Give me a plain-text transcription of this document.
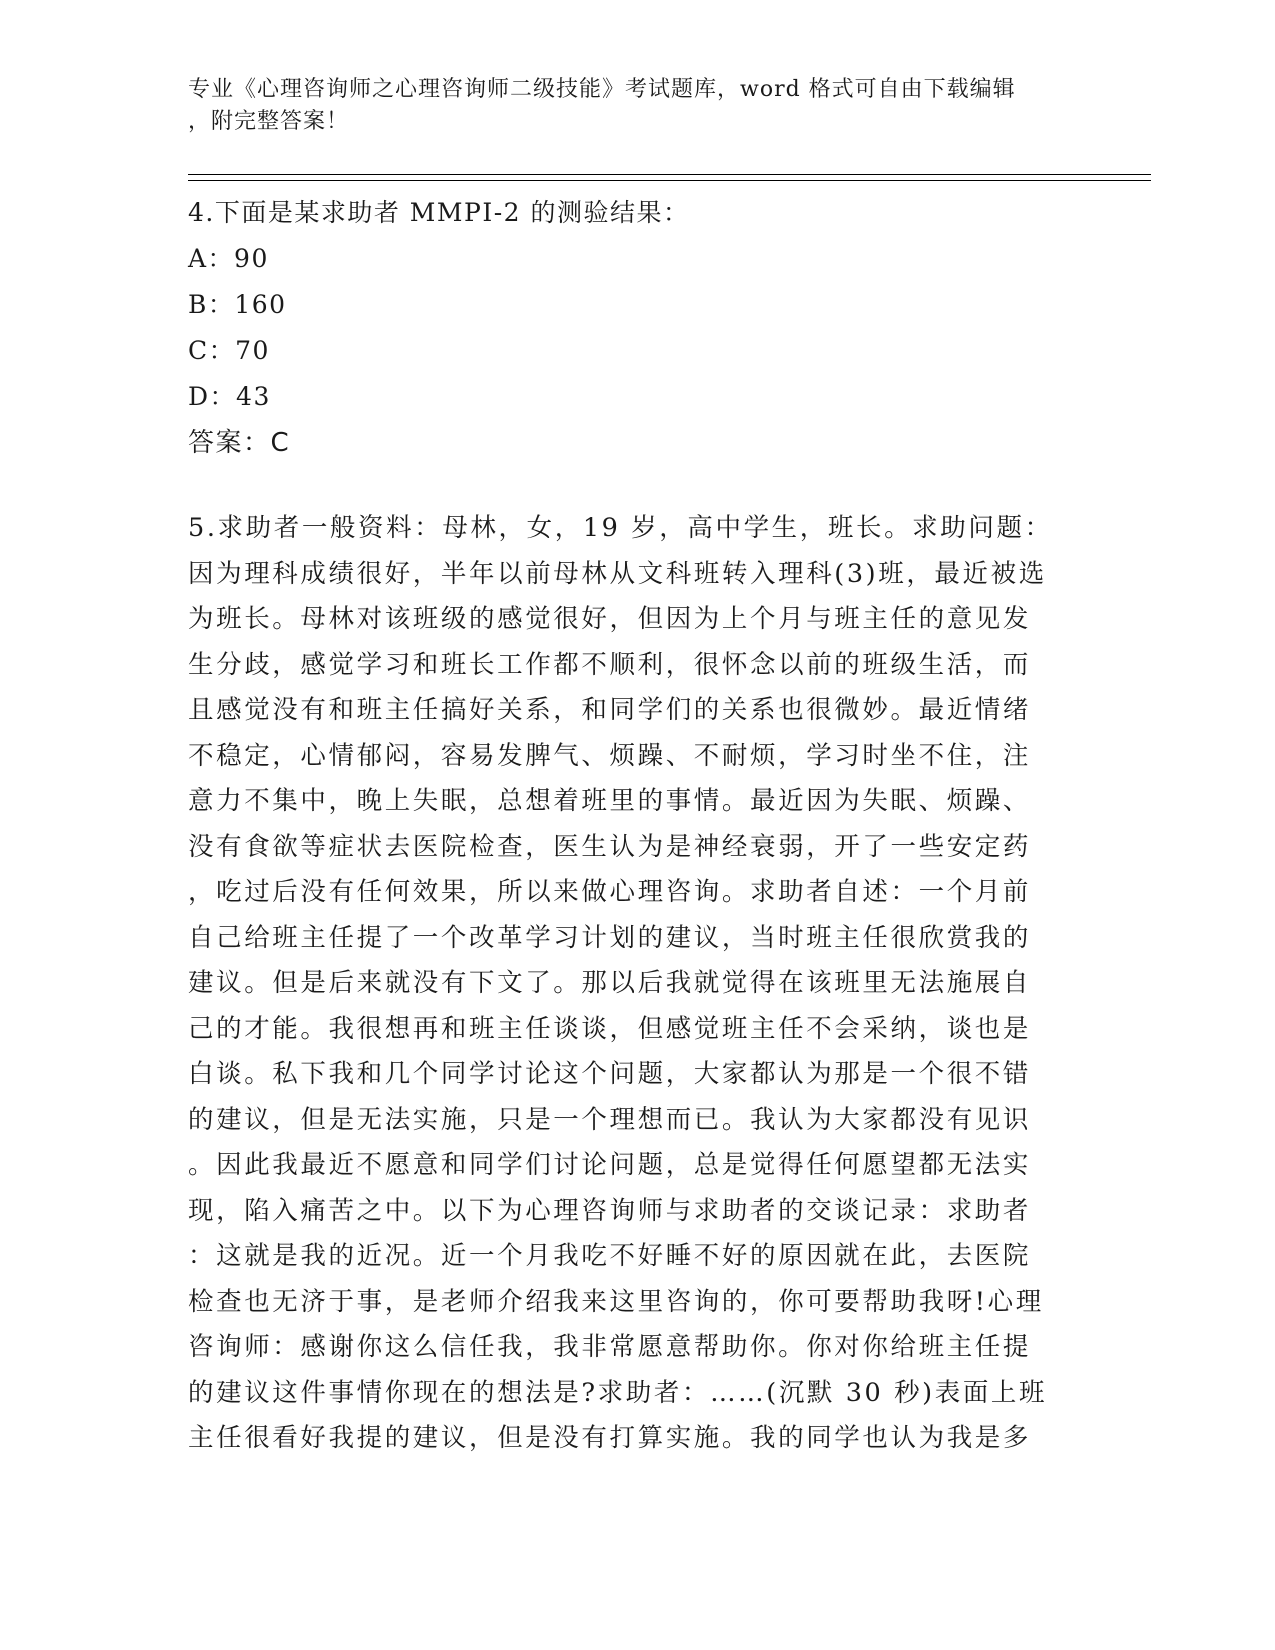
专业《心理咨询师之心理咨询师二级技能》考试题库，word 格式可自由下载编辑
，附完整答案！
4.下面是某求助者 MMPI-2 的测验结果：
A：90
B：160
C：70
D：43
答案：C
5.求助者一般资料：母林，女，19 岁，高中学生，班长。求助问题：
因为理科成绩很好，半年以前母林从文科班转入理科(3)班，最近被选
为班长。母林对该班级的感觉很好，但因为上个月与班主任的意见发
生分歧，感觉学习和班长工作都不顺利，很怀念以前的班级生活，而
且感觉没有和班主任搞好关系，和同学们的关系也很微妙。最近情绪
不稳定，心情郁闷，容易发脾气、烦躁、不耐烦，学习时坐不住，注
意力不集中，晚上失眠，总想着班里的事情。最近因为失眠、烦躁、
没有食欲等症状去医院检查，医生认为是神经衰弱，开了一些安定药
，吃过后没有任何效果，所以来做心理咨询。求助者自述：一个月前
自己给班主任提了一个改革学习计划的建议，当时班主任很欣赏我的
建议。但是后来就没有下文了。那以后我就觉得在该班里无法施展自
己的才能。我很想再和班主任谈谈，但感觉班主任不会采纳，谈也是
白谈。私下我和几个同学讨论这个问题，大家都认为那是一个很不错
的建议，但是无法实施，只是一个理想而已。我认为大家都没有见识
。因此我最近不愿意和同学们讨论问题，总是觉得任何愿望都无法实
现，陷入痛苦之中。以下为心理咨询师与求助者的交谈记录：求助者
：这就是我的近况。近一个月我吃不好睡不好的原因就在此，去医院
检查也无济于事，是老师介绍我来这里咨询的，你可要帮助我呀!心理
咨询师：感谢你这么信任我，我非常愿意帮助你。你对你给班主任提
的建议这件事情你现在的想法是?求助者：……(沉默 30 秒)表面上班
主任很看好我提的建议，但是没有打算实施。我的同学也认为我是多
